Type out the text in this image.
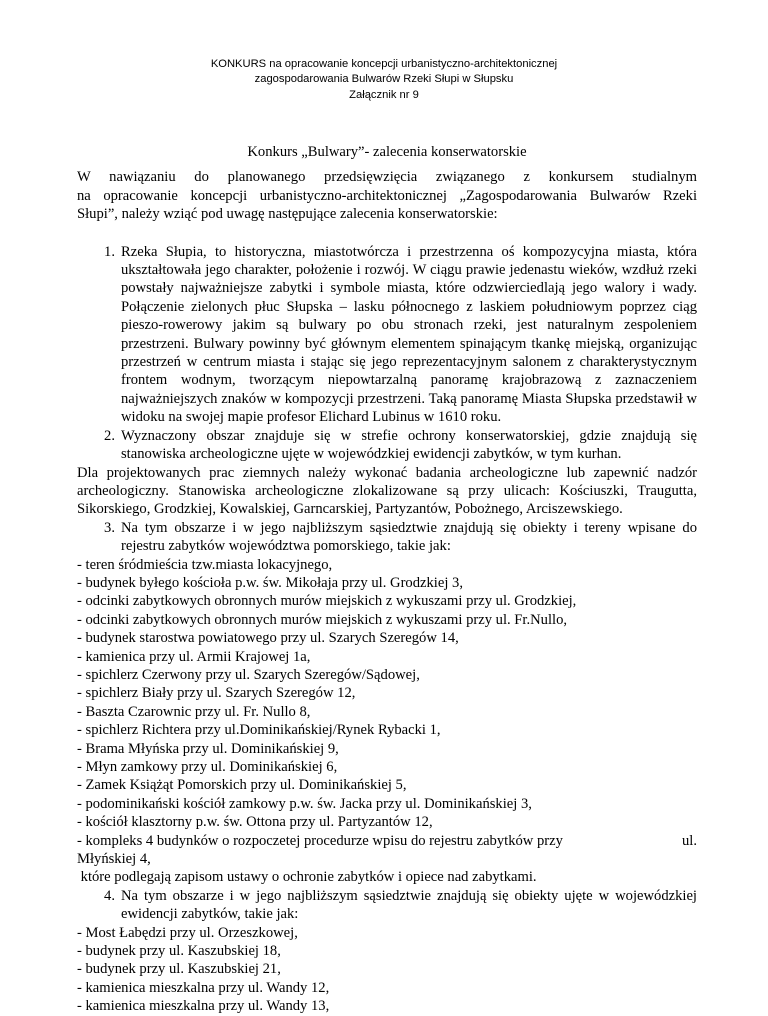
KONKURS na opracowanie koncepcji urbanistyczno-architektonicznej
zagospodarowania Bulwarów Rzeki Słupi w Słupsku
Załącznik nr 9
Konkurs „Bulwary”- zalecenia konserwatorskie
W nawiązaniu do planowanego przedsięwzięcia związanego z konkursem studialnym
na opracowanie koncepcji urbanistyczno-architektonicznej „Zagospodarowania Bulwarów Rzeki
Słupi”, należy wziąć pod uwagę następujące zalecenia konserwatorskie:
1. Rzeka Słupia, to historyczna, miastotwórcza i przestrzenna oś kompozycyjna miasta, która ukształtowała jego charakter, położenie i rozwój. W ciągu prawie jedenastu wieków, wzdłuż rzeki powstały najważniejsze zabytki i symbole miasta, które odzwierciedlają jego walory i wady. Połączenie zielonych płuc Słupska – lasku północnego z laskiem południowym poprzez ciąg pieszo-rowerowy jakim są bulwary po obu stronach rzeki, jest naturalnym zespoleniem przestrzeni. Bulwary powinny być głównym elementem spinającym tkankę miejską, organizując przestrzeń w centrum miasta i stając się jego reprezentacyjnym salonem z charakterystycznym frontem wodnym, tworzącym niepowtarzalną panoramę krajobrazową z zaznaczeniem najważniejszych znaków w kompozycji przestrzeni. Taką panoramę Miasta Słupska przedstawił w widoku na swojej mapie profesor Elichard Lubinus w 1610 roku.
2. Wyznaczony obszar znajduje się w strefie ochrony konserwatorskiej, gdzie znajdują się stanowiska archeologiczne ujęte w wojewódzkiej ewidencji zabytków, w tym kurhan.
Dla projektowanych prac ziemnych należy wykonać badania archeologiczne lub zapewnić nadzór archeologiczny. Stanowiska archeologiczne zlokalizowane są przy ulicach: Kościuszki, Traugutta, Sikorskiego, Grodzkiej, Kowalskiej, Garncarskiej, Partyzantów, Pobożnego, Arciszewskiego.
3. Na tym obszarze i w jego najbliższym sąsiedztwie znajdują się obiekty i tereny wpisane do rejestru zabytków województwa pomorskiego, takie jak:
- teren śródmieścia tzw.miasta lokacyjnego,
- budynek byłego kościoła p.w. św. Mikołaja przy ul. Grodzkiej 3,
- odcinki zabytkowych obronnych murów miejskich z wykuszami przy ul. Grodzkiej,
- odcinki zabytkowych obronnych murów miejskich z wykuszami przy ul. Fr.Nullo,
- budynek starostwa powiatowego przy ul. Szarych Szeregów 14,
- kamienica przy ul. Armii Krajowej 1a,
- spichlerz Czerwony przy ul. Szarych Szeregów/Sądowej,
- spichlerz Biały przy ul. Szarych Szeregów 12,
- Baszta Czarownic przy ul. Fr. Nullo 8,
- spichlerz Richtera przy ul.Dominikańskiej/Rynek Rybacki 1,
- Brama Młyńska przy ul. Dominikańskiej 9,
- Młyn zamkowy przy ul. Dominikańskiej 6,
- Zamek Książąt Pomorskich przy ul. Dominikańskiej 5,
- podominikański kościół zamkowy p.w. św. Jacka przy ul. Dominikańskiej 3,
- kościół klasztorny p.w. św. Ottona przy ul. Partyzantów 12,
- kompleks 4 budynków o rozpoczetej procedurze wpisu do rejestru zabytków przy	ul.
Młyńskiej 4,
które podlegają zapisom ustawy o ochronie zabytków i opiece nad zabytkami.
4. Na tym obszarze i w jego najbliższym sąsiedztwie znajdują się obiekty ujęte w wojewódzkiej ewidencji zabytków, takie jak:
- Most Łabędzi przy ul. Orzeszkowej,
- budynek przy ul. Kaszubskiej 18,
- budynek przy ul. Kaszubskiej 21,
- kamienica mieszkalna przy ul. Wandy 12,
- kamienica mieszkalna przy ul. Wandy 13,
